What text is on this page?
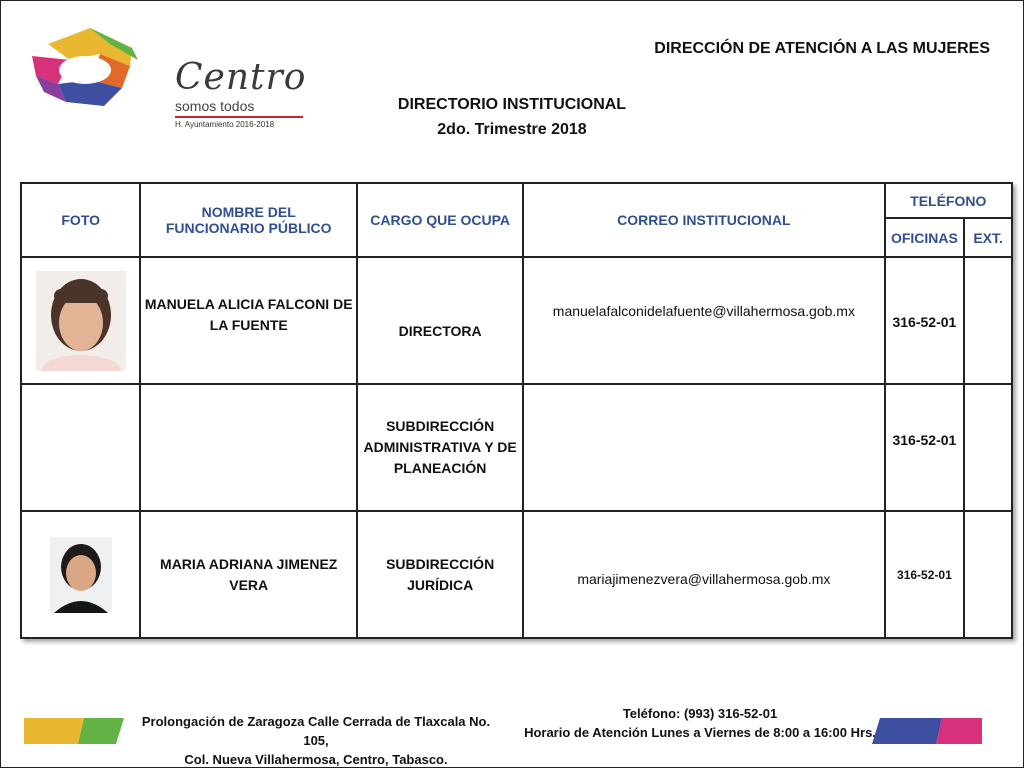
Centro
somos todos
H. Ayuntamiento 2016-2018
DIRECCIÓN DE ATENCIÓN A LAS MUJERES
DIRECTORIO INSTITUCIONAL
2do. Trimestre 2018
FOTO	NOMBRE DEL FUNCIONARIO PÚBLICO	CARGO QUE OCUPA	CORREO INSTITUCIONAL	TELÉFONO	
				OFICINAS	EXT.

	MANUELA ALICIA FALCONI DE LA FUENTE	DIRECTORA	manuelafalconidelafuente@villahermosa.gob.mx	316-52-01	
		SUBDIRECCIÓN ADMINISTRATIVA Y DE PLANEACIÓN		316-52-01	

	MARIA ADRIANA JIMENEZ VERA	SUBDIRECCIÓN JURÍDICA	mariajimenezvera@villahermosa.gob.mx	316-52-01	
Prolongación de Zaragoza Calle Cerrada de Tlaxcala No. 105,
Col. Nueva Villahermosa, Centro, Tabasco.
Teléfono: (993) 316-52-01
Horario de Atención Lunes a Viernes de 8:00 a 16:00 Hrs.
